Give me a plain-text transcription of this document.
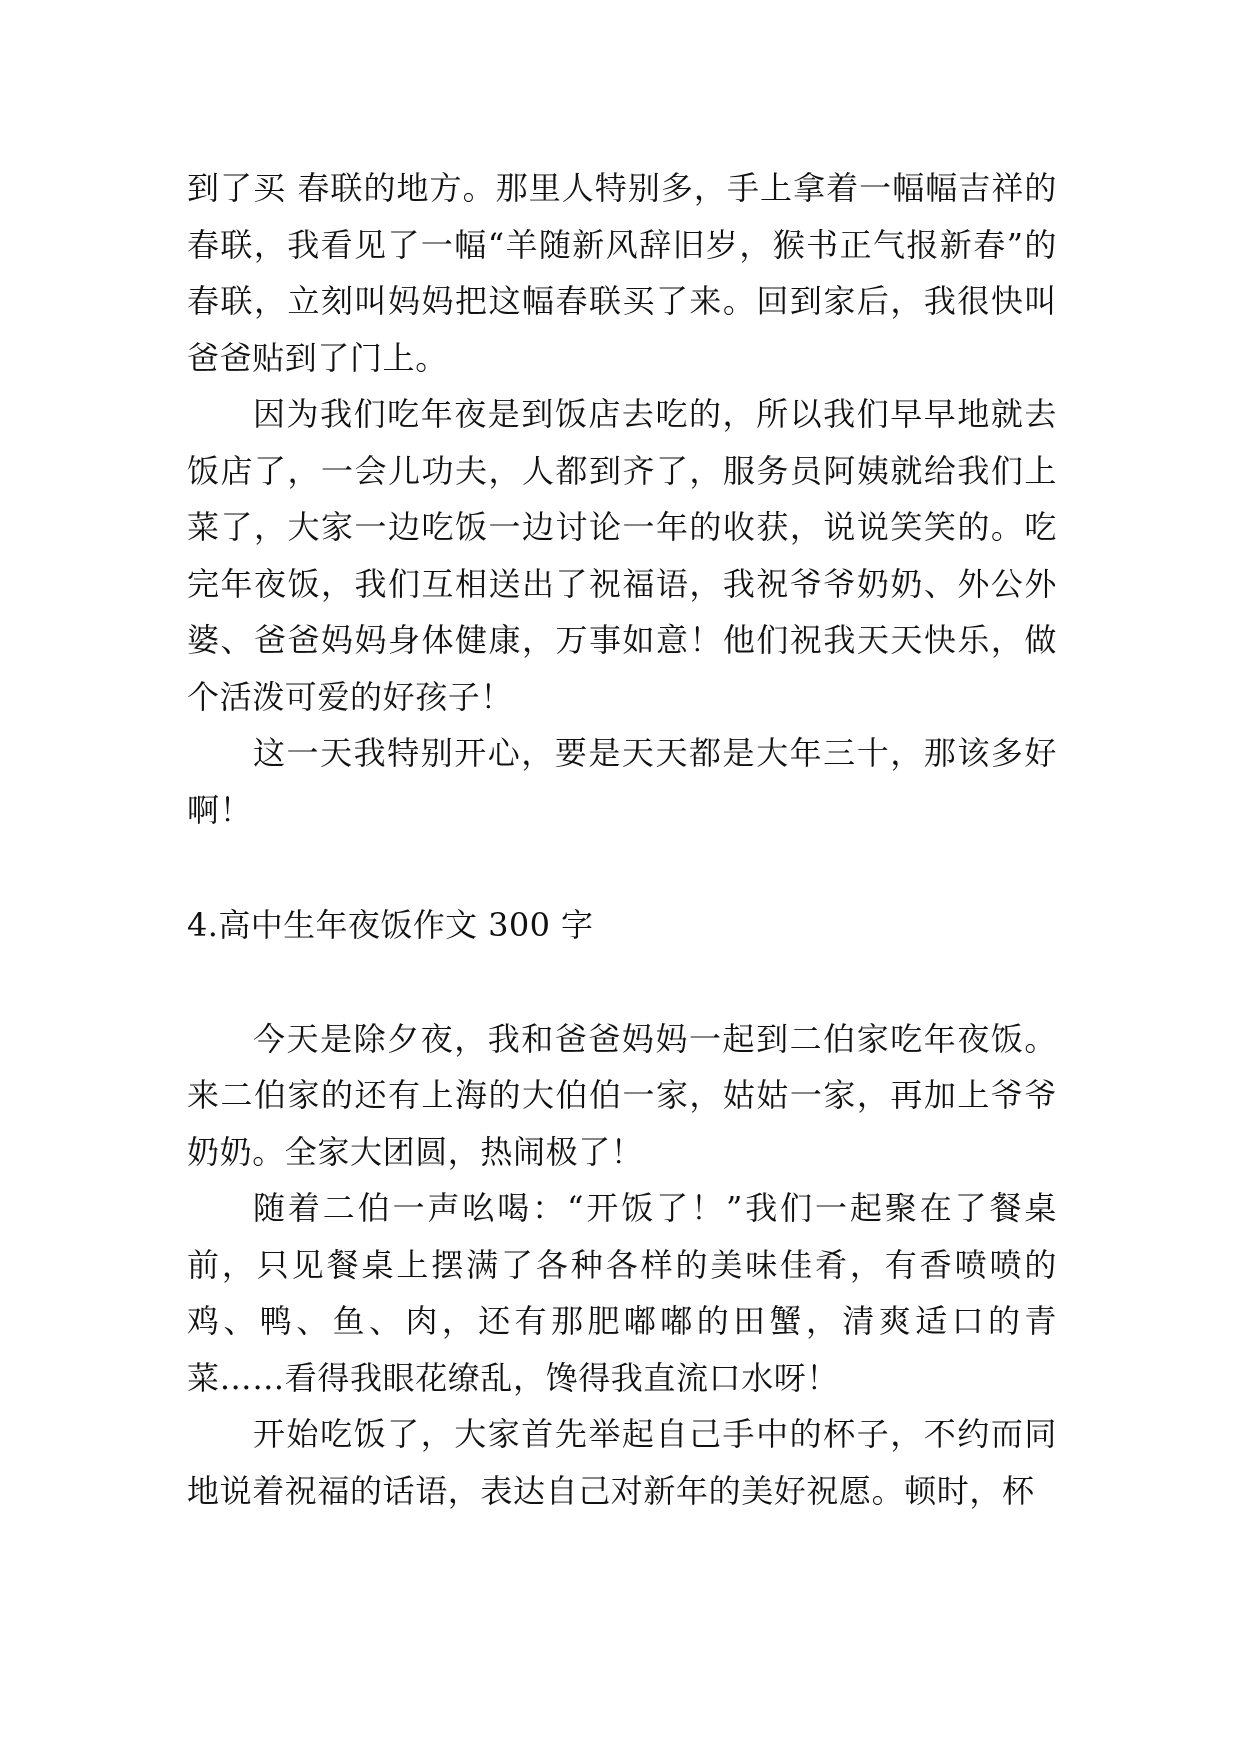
到了买 春联的地方。那里人特别多，手上拿着一幅幅吉祥的春联，我看见了一幅“羊随新风辞旧岁，猴书正气报新春”的春联，立刻叫妈妈把这幅春联买了来。回到家后，我很快叫爸爸贴到了门上。

因为我们吃年夜是到饭店去吃的，所以我们早早地就去饭店了，一会儿功夫，人都到齐了，服务员阿姨就给我们上菜了，大家一边吃饭一边讨论一年的收获，说说笑笑的。吃完年夜饭，我们互相送出了祝福语，我祝爷爷奶奶、外公外婆、爸爸妈妈身体健康，万事如意！他们祝我天天快乐，做个活泼可爱的好孩子！

这一天我特别开心，要是天天都是大年三十，那该多好啊！

4.高中生年夜饭作文 300 字

今天是除夕夜，我和爸爸妈妈一起到二伯家吃年夜饭。来二伯家的还有上海的大伯伯一家，姑姑一家，再加上爷爷奶奶。全家大团圆，热闹极了！

随着二伯一声吆喝：“开饭了！”我们一起聚在了餐桌前，只见餐桌上摆满了各种各样的美味佳肴，有香喷喷的鸡、鸭、鱼、肉，还有那肥嘟嘟的田蟹，清爽适口的青菜……看得我眼花缭乱，馋得我直流口水呀！

开始吃饭了，大家首先举起自己手中的杯子，不约而同地说着祝福的话语，表达自己对新年的美好祝愿。顿时，杯
